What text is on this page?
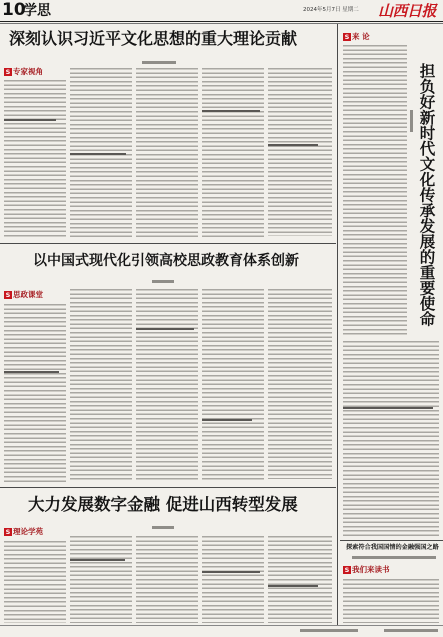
10
学思	2024年5月7日 星期二 山西日报
深刻认识习近平文化思想的重大理论贡献
S 专家视角
以中国式现代化引领高校思政教育体系创新
S 思政课堂
大力发展数字金融 促进山西转型发展
S 理论学苑
S 来 论
担负好新时代文化传承发展的重要使命
探索符合我国国情的金融强国之路
S 我们来读书
